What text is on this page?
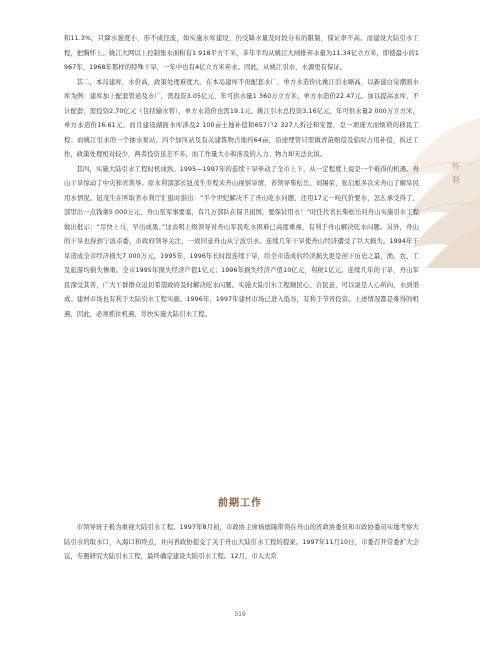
特载

和11.3%，只降水强度小，形不成径流，如实施水库建设，仍受降水量及时段分布的限制，保证率不高。而建设大陆引水工程，把胸怀上。姚江大网以上控制集水面积有1 918平方千米，多年平均从姚江大闸排弃水量为11.34亿立方米，即使最小的1967年，1968年那样的特殊干旱，一年中也有4亿立方米弃水。因此，从姚江引水，水源更有保证。

其二，本岛建库，水价高，政策处理难度大。在本岛建库不但配套水厂，单方水造价比姚江引水略高，以新建白泉潮面水库为例：建库加上配套管道及水厂，需投资3.05亿元，年可供水量1 360万立方米，单方水造价22.47元。加以提高水库，不计配套，需投资2.70亿元（包括输水管），单方水造价也需19.1元。姚江引水总投资3.16亿元，年可供水量2 000万立方米，单方水造价16.61元。而且建设湖面水库涉及2 100亩土地补偿和657户2 327人拆迁和安置，是一项庞大而烦琐的移民工程；而姚江引水的一个抽水泵站，四个加压站及有关建筑物占地约64亩，沿途埋管只需做青苗赔偿及临时占用补偿，拆迁工作，政策处理相对较少，两者投资虽差不多，而工作量大小和涉及的人力、物力却无法比拟。

其四，实施大陆引水工程时机成熟。1995—1997年的连续干旱牵动了全市上下，从一定程度上说是一个难得的机遇。舟山干旱惊动了中央和省领导。原水利部部长钮茂生专程来舟山视察旱情，省领导柴松岳、刘锡荣、张启彪多次来舟山了解旱民用水情况。钮茂生在听取省水利厅汇报时指出：“半个世纪解决不了舟山吃水问题，还用17元一吨代价要水，怎么承受得了，部里出一点钱拿5 000万元，舟山至军事要塞，有几万部队在保卫祖国，要保证用水！”时任代省长柴松岳对舟山实施引水工程做出批示：“尽快上马，早出成果。”这表明上级领导对舟山军民吃水困难已高度重视，有利于舟山解决吃水问题。另外，舟山的干旱也得到宁波市委、市政府领导关注，一致同意舟山从宁波引水。连续几年干旱使舟山经济遭受了巨大损失。1994年干旱造成全市经济损失7 000万元，1995年，1996年长时段连续干旱，给全市造成的经济损失更是创下历史之最，渔、农、工及旅游均损失惨重。全市1995年损失经济产值1亿元；1996年损失经济产值10亿元，利税1亿元。连续几年的干旱，舟山军民深受其苦，广大干群群众迫切希望政府及时解决吃水问题。实施大陆引水工程顺民心、合民意，可以说是人心所向，水到渠成。建材市场也有利于大陆引水工程实施。1996年，1997年建材市场已进入低谷，有利于节省投资。上述情况都是难得的机遇，因此，必须抓住机遇，尽快实施大陆引水工程。

前期工作

市领导班子极为重视大陆引水工程。1997年8月初，市政协主席杨德隆带领在舟山的省政协委员和市政协委员实地考察大陆引水的取水口，入海口和终点，并向省政协提交了关于舟山大陆引水工程的提案。1997年11月10日，市委召开常委扩大会议，专题研究大陆引水工程，最终确定建设大陆引水工程。12月，市人大常

319
